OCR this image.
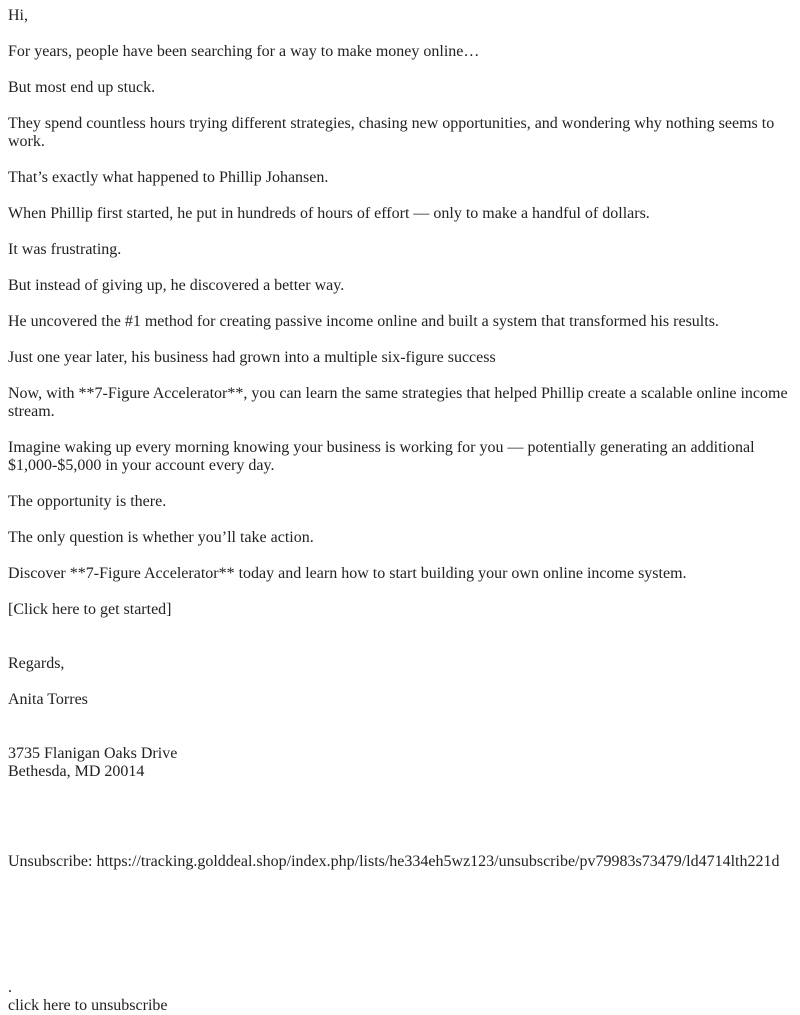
Hi,

For years, people have been searching for a way to make money online…

But most end up stuck.

They spend countless hours trying different strategies, chasing new opportunities, and wondering why nothing seems to work.

That’s exactly what happened to Phillip Johansen.

When Phillip first started, he put in hundreds of hours of effort — only to make a handful of dollars.

It was frustrating.

But instead of giving up, he discovered a better way.

He uncovered the #1 method for creating passive income online and built a system that transformed his results.

Just one year later, his business had grown into a multiple six-figure success

Now, with **7-Figure Accelerator**, you can learn the same strategies that helped Phillip create a scalable online income stream.

Imagine waking up every morning knowing your business is working for you — potentially generating an additional $1,000-$5,000 in your account every day.

The opportunity is there.

The only question is whether you’ll take action.

Discover **7-Figure Accelerator** today and learn how to start building your own online income system.

[Click here to get started]

Regards,

Anita Torres

3735 Flanigan Oaks Drive
Bethesda, MD 20014

Unsubscribe: https://tracking.golddeal.shop/index.php/lists/he334eh5wz123/unsubscribe/pv79983s73479/ld4714lth221d

.
click here to unsubscribe
